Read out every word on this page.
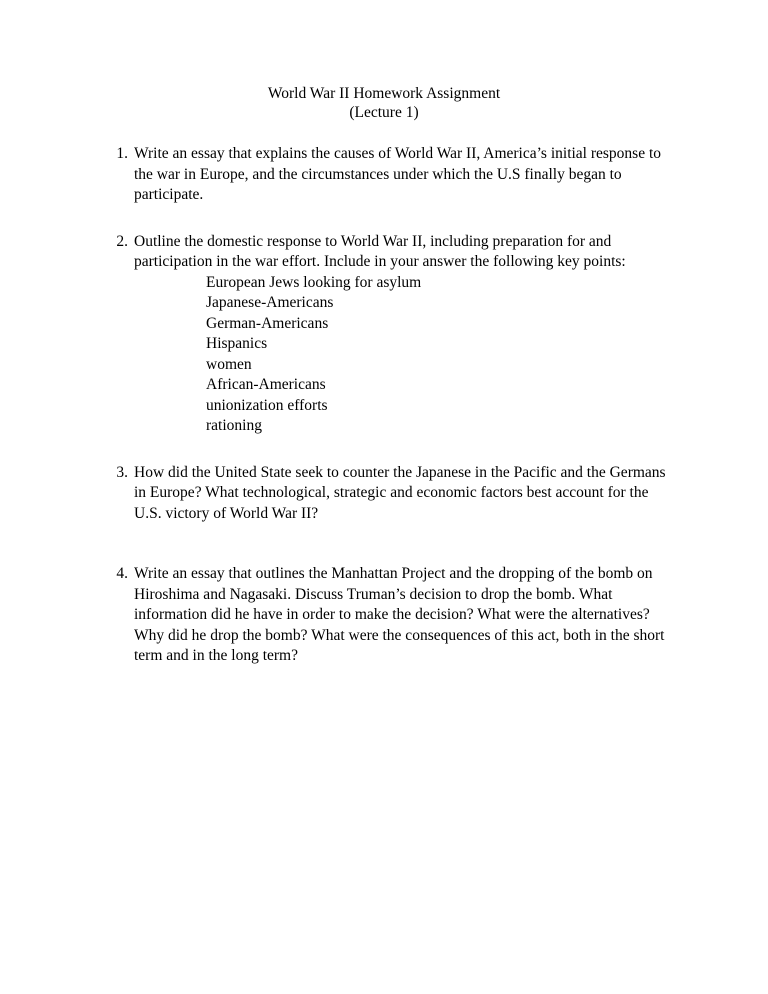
World War II Homework Assignment
(Lecture 1)
1. Write an essay that explains the causes of World War II, America’s initial response to the war in Europe, and the circumstances under which the U.S finally began to participate.
2. Outline the domestic response to World War II, including preparation for and participation in the war effort. Include in your answer the following key points:
European Jews looking for asylum
Japanese-Americans
German-Americans
Hispanics
women
African-Americans
unionization efforts
rationing
3. How did the United State seek to counter the Japanese in the Pacific and the Germans in Europe? What technological, strategic and economic factors best account for the U.S. victory of World War II?
4. Write an essay that outlines the Manhattan Project and the dropping of the bomb on Hiroshima and Nagasaki. Discuss Truman’s decision to drop the bomb. What information did he have in order to make the decision? What were the alternatives? Why did he drop the bomb? What were the consequences of this act, both in the short term and in the long term?
